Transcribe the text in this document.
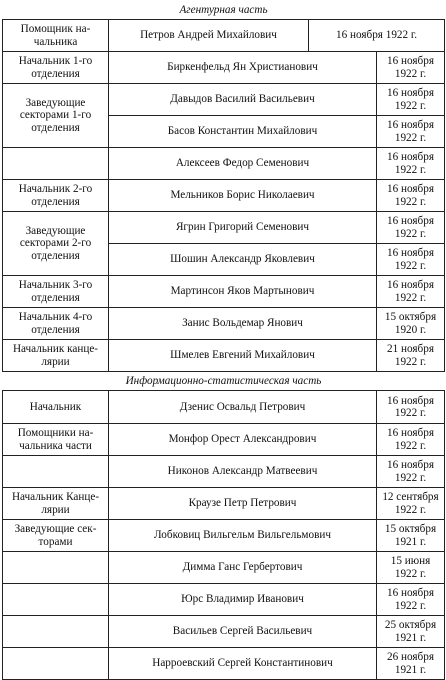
Агентурная часть
Помощник на- чальника	Петров Андрей Михайлович	16 ноября 1922 г.
Начальник 1-го
отделения	Биркенфельд Ян Христианович	16 ноября
1922 г.
Заведующие
секторами 1-го
отделения	Давыдов Василий Васильевич	16 ноября
1922 г.
	Басов Константин Михайлович	16 ноября
1922 г.
	Алексеев Федор Семенович	16 ноября
1922 г.
Начальник 2-го
отделения	Мельников Борис Николаевич	16 ноября
1922 г.
Заведующие
секторами 2-го
отделения	Ягрин Григорий Семенович	16 ноября
1922 г.
	Шошин Александр Яковлевич	16 ноября
1922 г.
Начальник 3-го
отделения	Мартинсон Яков Мартынович	16 ноября
1922 г.
Начальник 4-го
отделения	Занис Вольдемар Янович	15 октября
1920 г.
Начальник канце-
лярии	Шмелев Евгений Михайлович	21 ноября
1922 г.
Информационно-статистическая часть		
Начальник	Дзенис Освальд Петрович	16 ноября
1922 г.
Помощники на-
чальника части	Монфор Орест Александрович	16 ноября
1922 г.
	Никонов Александр Матвеевич	16 ноября
1922 г.
Начальник Канце-
лярии	Краузе Петр Петрович	12 сентября
1922 г.
Заведующие сек-
торами	Лобковиц Вильгельм Вильгельмович	15 октября
1921 г.
	Димма Ганс Гербертович	15 июня
1922 г.
	Юрс Владимир Иванович	16 ноября
1922 г.
	Васильев Сергей Васильевич	25 октября
1921 г.
	Нарроевский Сергей Константинович	26 ноября
1921 г.
